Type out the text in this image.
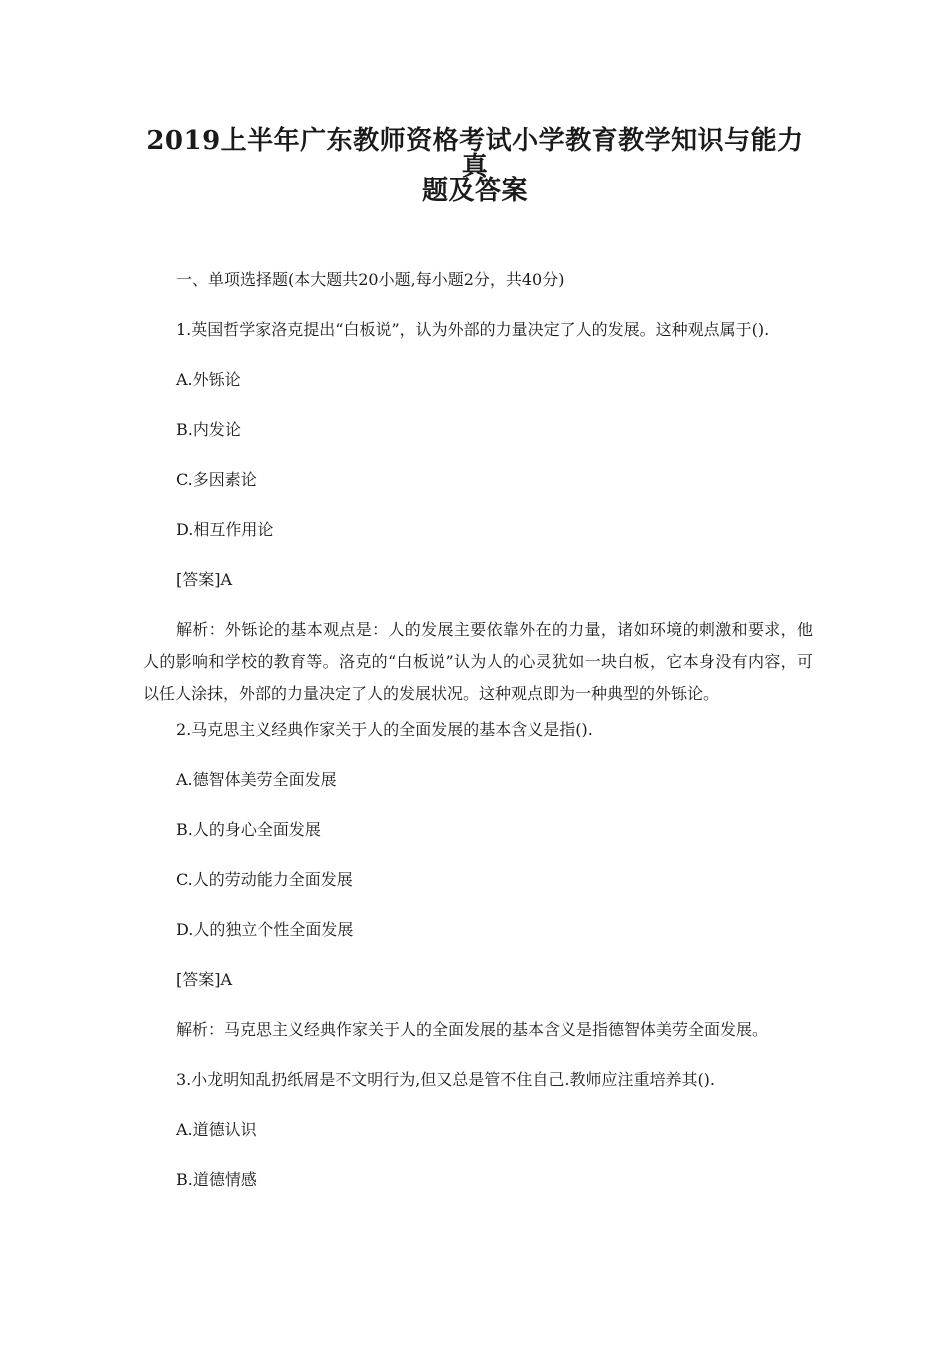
2019上半年广东教师资格考试小学教育教学知识与能力真
题及答案

一、单项选择题(本大题共20小题,每小题2分，共40分)

1.英国哲学家洛克提出“白板说”，认为外部的力量决定了人的发展。这种观点属于().

A.外铄论

B.内发论

C.多因素论

D.相互作用论

[答案]A

解析：外铄论的基本观点是：人的发展主要依靠外在的力量，诸如环境的刺激和要求，他人的影响和学校的教育等。洛克的“白板说”认为人的心灵犹如一块白板，它本身没有内容，可以任人涂抹，外部的力量决定了人的发展状况。这种观点即为一种典型的外铄论。

2.马克思主义经典作家关于人的全面发展的基本含义是指().

A.德智体美劳全面发展

B.人的身心全面发展

C.人的劳动能力全面发展

D.人的独立个性全面发展

[答案]A

解析：马克思主义经典作家关于人的全面发展的基本含义是指德智体美劳全面发展。

3.小龙明知乱扔纸屑是不文明行为,但又总是管不住自己.教师应注重培养其().

A.道德认识

B.道德情感
